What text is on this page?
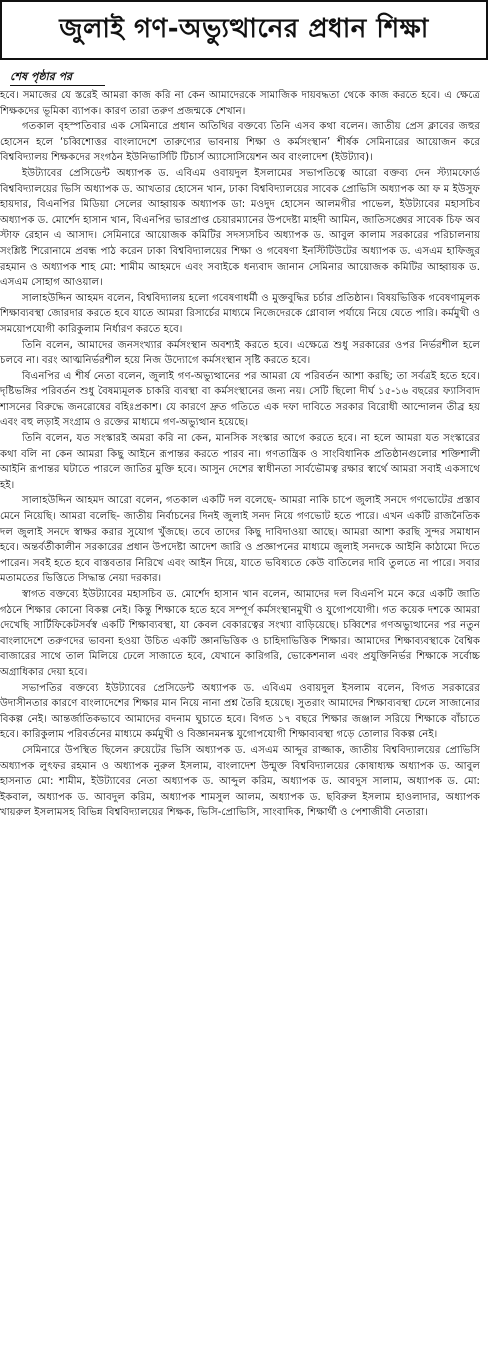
জুলাই গণ-অভ্যুত্থানের প্রধান শিক্ষা
শেষ পৃষ্ঠার পর

হবে। সমাজের যে স্তরেই আমরা কাজ করি না কেন আমাদেরকে সামাজিক দায়বদ্ধতা থেকে কাজ করতে হবে। এ ক্ষেত্রে শিক্ষকদের ভূমিকা ব্যাপক। কারণ তারা তরুণ প্রজন্মকে শেখান।

গতকাল বৃহস্পতিবার এক সেমিনারে প্রধান অতিথির বক্তব্যে তিনি এসব কথা বলেন। জাতীয় প্রেস ক্লাবের জহুর হোসেন হলে ‘চব্বিশোত্তর বাংলাদেশে তারুণ্যের ভাবনায় শিক্ষা ও কর্মসংস্থান’ শীর্ষক সেমিনারের আয়োজন করে বিশ্ববিদ্যালয় শিক্ষকদের সংগঠন ইউনিভার্সিটি টিচার্স অ্যাসোসিয়েশন অব বাংলাদেশ (ইউট্যাব)।

ইউট্যাবের প্রেসিডেন্ট অধ্যাপক ড. এবিএম ওবায়দুল ইসলামের সভাপতিত্বে আরো বক্তব্য দেন স্ট্যামফোর্ড বিশ্ববিদ্যালয়ের ভিসি অধ্যাপক ড. আখতার হোসেন খান, ঢাকা বিশ্ববিদ্যালয়ের সাবেক প্রোভিসি অধ্যাপক আ ফ ম ইউসুফ হায়দার, বিএনপির মিডিয়া সেলের আহ্বায়ক অধ্যাপক ডা: মওদুদ হোসেন আলমগীর পাভেল, ইউট্যাবের মহাসচিব অধ্যাপক ড. মোর্শেদ হাসান খান, বিএনপির ভারপ্রাপ্ত চেয়ারম্যানের উপদেষ্টা মাহদী আমিন, জাতিসঙ্ঘের সাবেক চিফ অব স্টাফ রেহান এ আসাদ। সেমিনারে আয়োজক কমিটির সদস্যসচিব অধ্যাপক ড. আবুল কালাম সরকারের পরিচালনায় সংশ্লিষ্ট শিরোনামে প্রবন্ধ পাঠ করেন ঢাকা বিশ্ববিদ্যালয়ের শিক্ষা ও গবেষণা ইনস্টিটিউটের অধ্যাপক ড. এসএম হাফিজুর রহমান ও অধ্যাপক শাহ মো: শামীম আহমদে এবং সবাইকে ধন্যবাদ জানান সেমিনার আয়োজক কমিটির আহ্বায়ক ড. এসএম সোহাগ আওয়াল।

সালাহউদ্দিন আহমদ বলেন, বিশ্ববিদ্যালয় হলো গবেষণাধর্মী ও মুক্তবুদ্ধির চর্চার প্রতিষ্ঠান। বিষয়ভিত্তিক গবেষণামূলক শিক্ষাব্যবস্থা জোরদার করতে হবে যাতে আমরা রিসার্চের মাধ্যমে নিজেদেরকে গ্লোবাল পর্যায়ে নিয়ে যেতে পারি। কর্মমুখী ও সময়োপযোগী কারিকুলাম নির্ধারণ করতে হবে।

তিনি বলেন, আমাদের জনসংখ্যার কর্মসংস্থান অবশ্যই করতে হবে। এক্ষেত্রে শুধু সরকারের ওপর নির্ভরশীল হলে চলবে না। বরং আত্মনির্ভরশীল হয়ে নিজ উদ্যোগে কর্মসংস্থান সৃষ্টি করতে হবে।

বিএনপির এ শীর্ষ নেতা বলেন, জুলাই গণ-অভ্যুত্থানের পর আমরা যে পরিবর্তন আশা করছি; তা সর্বত্রই হতে হবে। দৃষ্টিভঙ্গির পরিবর্তন শুধু বৈষম্যমূলক চাকরি ব্যবস্থা বা কর্মসংস্থানের জন্য নয়। সেটি ছিলো দীর্ঘ ১৫-১৬ বছরের ফ্যাসিবাদ শাসনের বিরুদ্ধে জনরোষের বহিঃপ্রকাশ। যে কারণে দ্রুত গতিতে এক দফা দাবিতে সরকার বিরোধী আন্দোলন তীব্র হয় এবং বহু লড়াই সংগ্রাম ও রক্তের মাধ্যমে গণ-অভ্যুত্থান হয়েছে।

তিনি বলেন, যত সংস্কারই অমরা করি না কেন, মানসিক সংস্কার আগে করতে হবে। না হলে আমরা যত সংস্কারের কথা বলি না কেন আমরা কিছু আইনে রূপান্তর করতে পারব না। গণতান্ত্রিক ও সাংবিধানিক প্রতিষ্ঠানগুলোর শক্তিশালী আইনি রূপান্তর ঘটাতে পারলে জাতির মুক্তি হবে। আসুন দেশের স্বাধীনতা সার্বভৌমত্ব রক্ষার স্বার্থে আমরা সবাই একসাথে হই।

সালাহউদ্দিন আহমদ আরো বলেন, গতকাল একটি দল বলেছে- আমরা নাকি চাপে জুলাই সনদে গণভোটের প্রস্তাব মেনে নিয়েছি। আমরা বলেছি- জাতীয় নির্বাচনের দিনই জুলাই সনদ নিয়ে গণভোট হতে পারে। এখন একটি রাজনৈতিক দল জুলাই সনদে স্বাক্ষর করার সুযোগ খুঁজছে। তবে তাদের কিছু দাবিদাওয়া আছে। আমরা আশা করছি সুন্দর সমাধান হবে। অন্তর্বর্তীকালীন সরকারের প্রধান উপদেষ্টা আদেশ জারি ও প্রজ্ঞাপনের মাধ্যমে জুলাই সনদকে আইনি কাঠামো দিতে পারেন। সবই হতে হবে বাস্তবতার নিরিখে এবং আইন দিয়ে, যাতে ভবিষ্যতে কেউ বাতিলের দাবি তুলতে না পারে। সবার মতামতের ভিত্তিতে সিদ্ধান্ত নেয়া দরকার।

স্বাগত বক্তব্যে ইউট্যাবের মহাসচিব ড. মোর্শেদ হাসান খান বলেন, আমাদের দল বিএনপি মনে করে একটি জাতি গঠনে শিক্ষার কোনো বিকল্প নেই। কিন্তু শিক্ষাকে হতে হবে সম্পূর্ণ কর্মসংস্থানমুখী ও যুগোপযোগী। গত কয়েক দশকে আমরা দেখেছি সার্টিফিকেটসর্বস্ব একটি শিক্ষাব্যবস্থা, যা কেবল বেকারত্বের সংখ্যা বাড়িয়েছে। চব্বিশের গণঅভ্যুত্থানের পর নতুন বাংলাদেশে তরুণদের ভাবনা হওয়া উচিত একটি জ্ঞানভিত্তিক ও চাহিদাভিত্তিক শিক্ষার। আমাদের শিক্ষাব্যবস্থাকে বৈশ্বিক বাজারের সাথে তাল মিলিয়ে ঢেলে সাজাতে হবে, যেখানে কারিগরি, ভোকেশনাল এবং প্রযুক্তিনির্ভর শিক্ষাকে সর্বোচ্চ অগ্রাধিকার দেয়া হবে।

সভাপতির বক্তব্যে ইউট্যাবের প্রেসিডেন্ট অধ্যাপক ড. এবিএম ওবায়দুল ইসলাম বলেন, বিগত সরকারের উদাসীনতার কারণে বাংলাদেশের শিক্ষার মান নিয়ে নানা প্রশ্ন তৈরি হয়েছে। সুতরাং আমাদের শিক্ষাব্যবস্থা ঢেলে সাজানোর বিকল্প নেই। আন্তর্জাতিকভাবে আমাদের বদনাম ঘুচাতে হবে। বিগত ১৭ বছরে শিক্ষার জঞ্জাল সরিয়ে শিক্ষাকে বাঁচাতে হবে। কারিকুলাম পরিবর্তনের মাধ্যমে কর্মমুখী ও বিজ্ঞানমনস্ক যুগোপযোগী শিক্ষাব্যবস্থা গড়ে তোলার বিকল্প নেই।

সেমিনারে উপস্থিত ছিলেন রুয়েটের ভিসি অধ্যাপক ড. এসএম আব্দুর রাজ্জাক, জাতীয় বিশ্ববিদ্যালয়ের প্রোভিসি অধ্যাপক লুৎফর রহমান ও অধ্যাপক নুরুল ইসলাম, বাংলাদেশ উন্মুক্ত বিশ্ববিদ্যালয়ের কোষাধ্যক্ষ অধ্যাপক ড. আবুল হাসনাত মো: শামীম, ইউট্যাবের নেতা অধ্যাপক ড. আব্দুল করিম, অধ্যাপক ড. আবদুস সালাম, অধ্যাপক ড. মো: ইকবাল, অধ্যাপক ড. আবদুল করিম, অধ্যাপক শামসুল আলম, অধ্যাপক ড. ছবিরুল ইসলাম হাওলাদার, অধ্যাপক খায়রুল ইসলামসহ বিভিন্ন বিশ্ববিদ্যালয়ের শিক্ষক, ভিসি-প্রোভিসি, সাংবাদিক, শিক্ষার্থী ও পেশাজীবী নেতারা।
